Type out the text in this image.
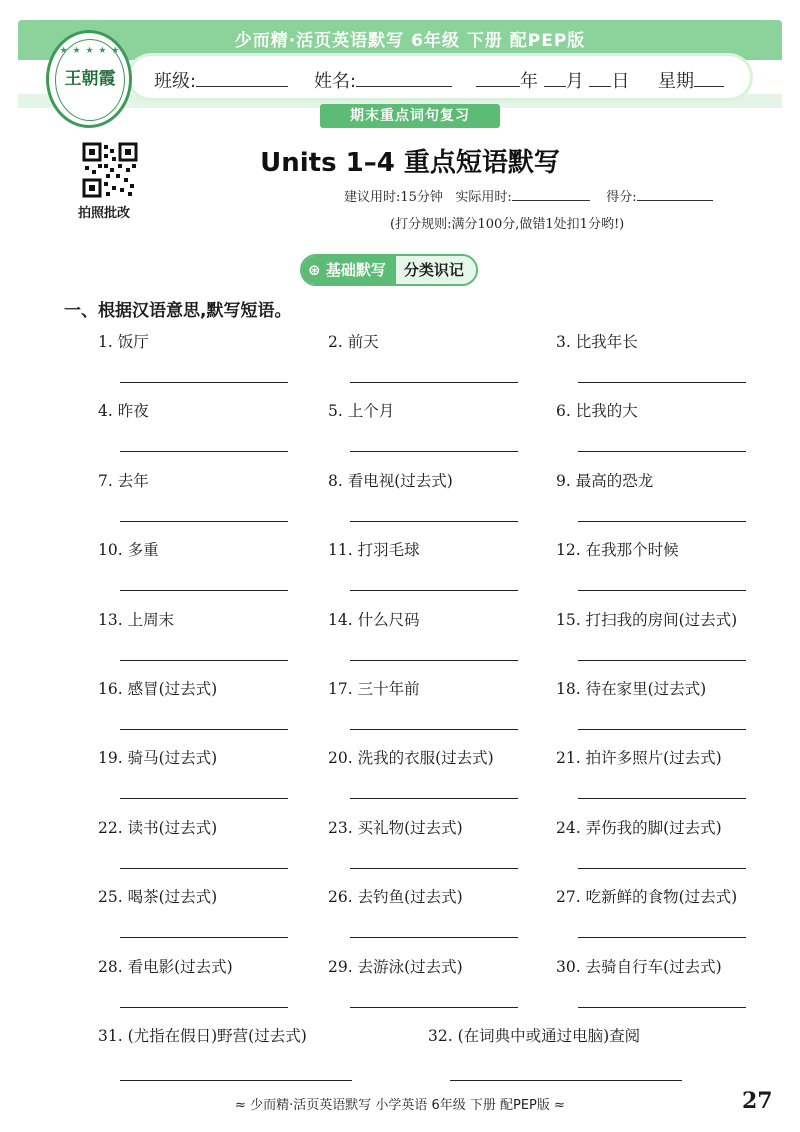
少而精·活页英语默写 6年级 下册 配PEP版
班级:	姓名:	年 月 日 星期
期末重点词句复习
★ ★ ★ ★ ★
王朝霞
拍照批改
Units 1–4 重点短语默写
建议用时:15分钟 实际用时:	得分:
(打分规则:满分100分,做错1处扣1分哟!)
⊛ 基础默写 分类识记
一、根据汉语意思,默写短语。
1. 饭厅	2. 前天	3. 比我年长
4. 昨夜	5. 上个月	6. 比我的大
7. 去年	8. 看电视(过去式)	9. 最高的恐龙
10. 多重	11. 打羽毛球	12. 在我那个时候
13. 上周末	14. 什么尺码	15. 打扫我的房间(过去式)
16. 感冒(过去式)	17. 三十年前	18. 待在家里(过去式)
19. 骑马(过去式)	20. 洗我的衣服(过去式)	21. 拍许多照片(过去式)
22. 读书(过去式)	23. 买礼物(过去式)	24. 弄伤我的脚(过去式)
25. 喝茶(过去式)	26. 去钓鱼(过去式)	27. 吃新鲜的食物(过去式)
28. 看电影(过去式)	29. 去游泳(过去式)	30. 去骑自行车(过去式)
31. (尤指在假日)野营(过去式)	32. (在词典中或通过电脑)查阅
≈ 少而精·活页英语默写 小学英语 6年级 下册 配PEP版 ≈	27
